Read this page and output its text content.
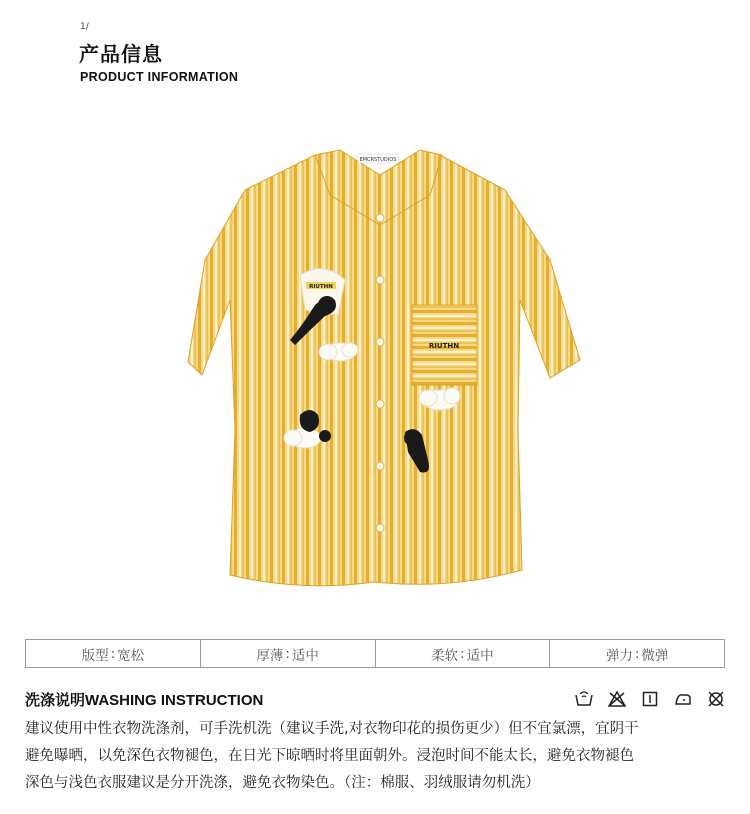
1/
产品信息
PRODUCT INFORMATION
EMCRSTUDIOS
RIUTHN
RIUTHN
版型 : 宽松	厚薄 : 适中	柔软 : 适中	弹力 : 微弹
洗涤说明WASHING INSTRUCTION

建议使用中性衣物洗涤剂，可手洗机洗（建议手洗,对衣物印花的损伤更少）但不宜氯漂，宜阴干

避免曝晒，以免深色衣物褪色，在日光下晾晒时将里面朝外。浸泡时间不能太长，避免衣物褪色

深色与浅色衣服建议是分开洗涤，避免衣物染色。（注：棉服、羽绒服请勿机洗）
